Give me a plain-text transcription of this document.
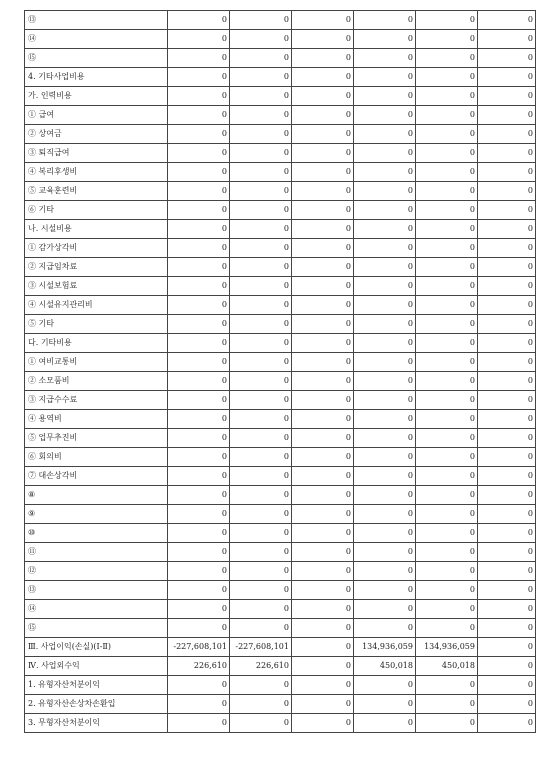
⑬	0	0	0	0	0	0
⑭	0	0	0	0	0	0
⑮	0	0	0	0	0	0
4. 기타사업비용	0	0	0	0	0	0
가. 인력비용	0	0	0	0	0	0
① 급여	0	0	0	0	0	0
② 상여금	0	0	0	0	0	0
③ 퇴직급여	0	0	0	0	0	0
④ 복리후생비	0	0	0	0	0	0
⑤ 교육훈련비	0	0	0	0	0	0
⑥ 기타	0	0	0	0	0	0
나. 시설비용	0	0	0	0	0	0
① 감가상각비	0	0	0	0	0	0
② 지급임차료	0	0	0	0	0	0
③ 시설보험료	0	0	0	0	0	0
④ 시설유지관리비	0	0	0	0	0	0
⑤ 기타	0	0	0	0	0	0
다. 기타비용	0	0	0	0	0	0
① 여비교통비	0	0	0	0	0	0
② 소모품비	0	0	0	0	0	0
③ 지급수수료	0	0	0	0	0	0
④ 용역비	0	0	0	0	0	0
⑤ 업무추진비	0	0	0	0	0	0
⑥ 회의비	0	0	0	0	0	0
⑦ 대손상각비	0	0	0	0	0	0
⑧	0	0	0	0	0	0
⑨	0	0	0	0	0	0
⑩	0	0	0	0	0	0
⑪	0	0	0	0	0	0
⑫	0	0	0	0	0	0
⑬	0	0	0	0	0	0
⑭	0	0	0	0	0	0
⑮	0	0	0	0	0	0
Ⅲ. 사업이익(손실)(Ⅰ-Ⅱ)	-227,608,101	-227,608,101	0	134,936,059	134,936,059	0
Ⅳ. 사업외수익	226,610	226,610	0	450,018	450,018	0
1. 유형자산처분이익	0	0	0	0	0	0
2. 유형자산손상차손환입	0	0	0	0	0	0
3. 무형자산처분이익	0	0	0	0	0	0
